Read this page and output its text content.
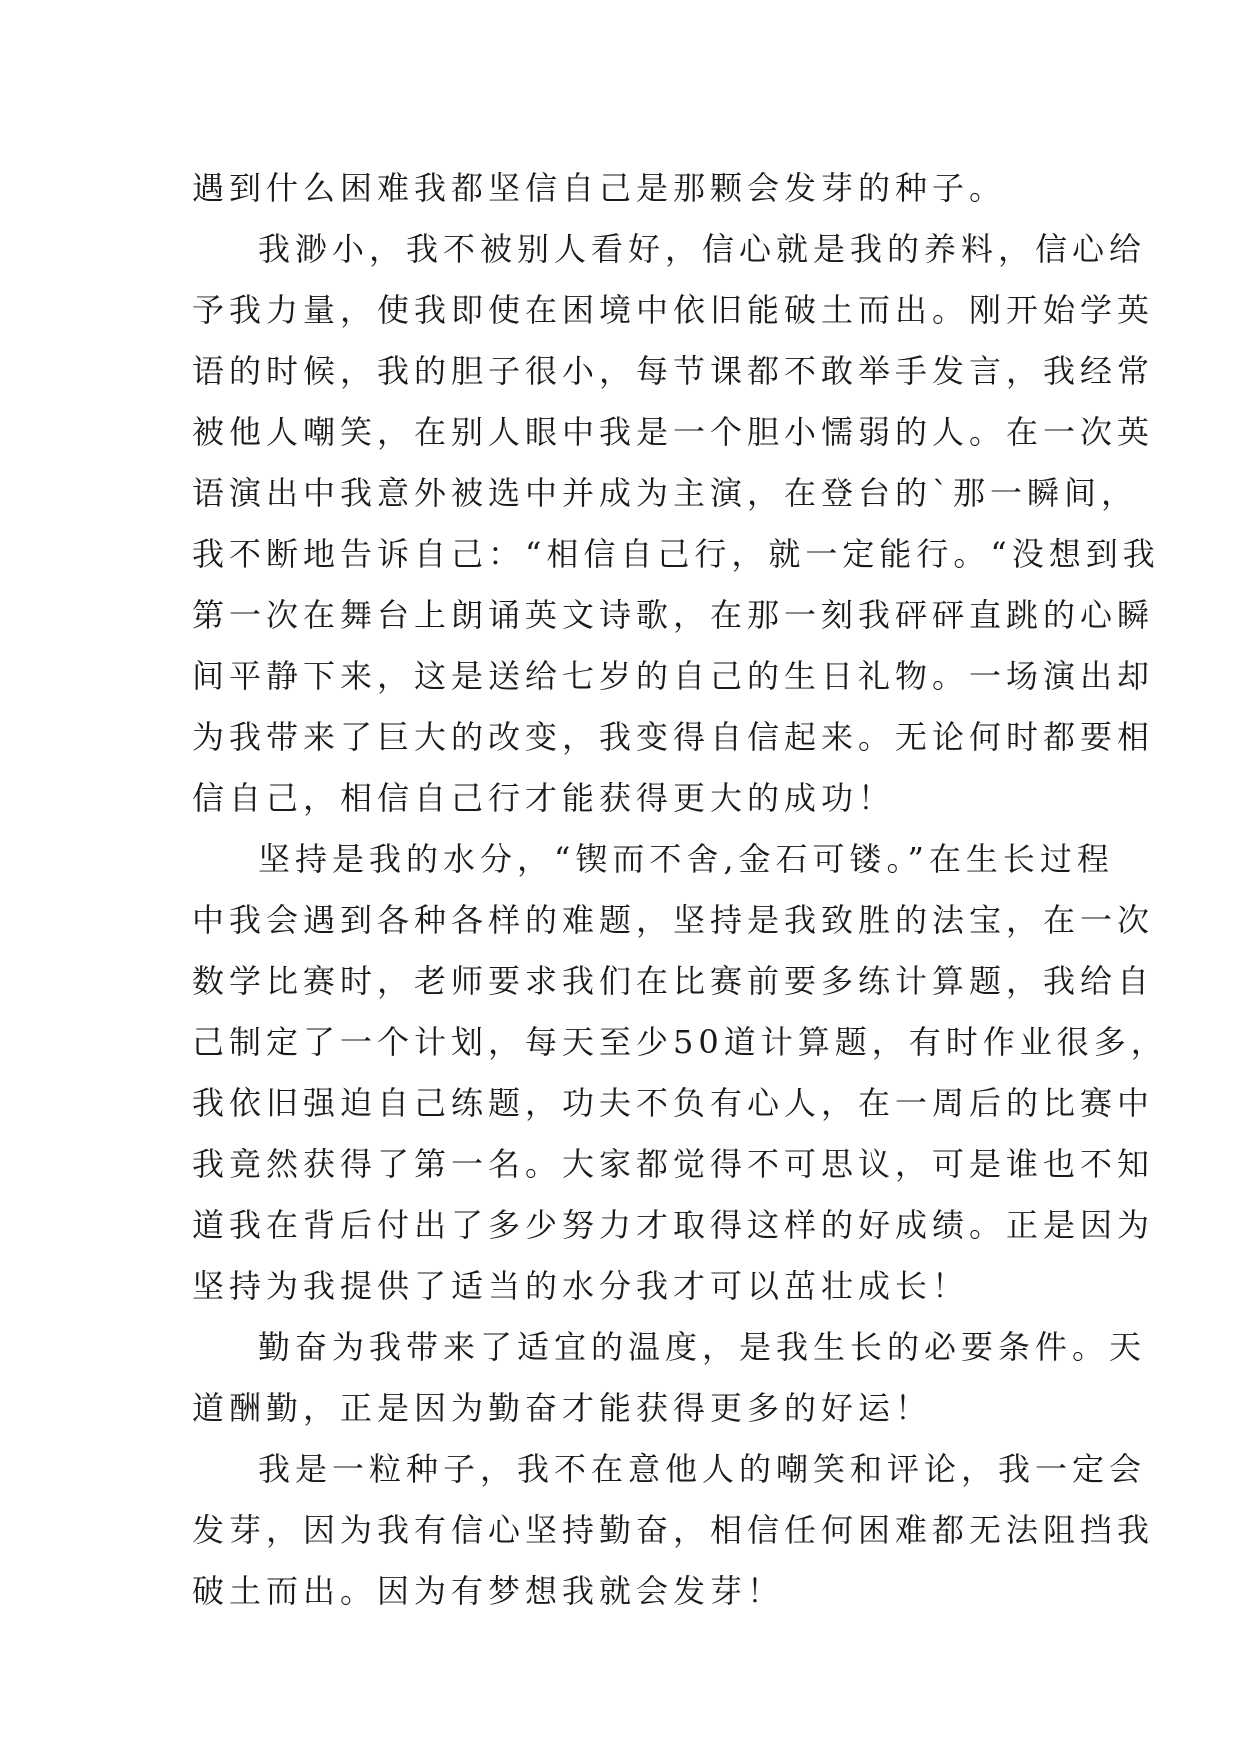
遇到什么困难我都坚信自己是那颗会发芽的种子。
我渺小，我不被别人看好，信心就是我的养料，信心给
予我力量，使我即使在困境中依旧能破土而出。刚开始学英
语的时候，我的胆子很小，每节课都不敢举手发言，我经常
被他人嘲笑，在别人眼中我是一个胆小懦弱的人。在一次英
语演出中我意外被选中并成为主演，在登台的`那一瞬间，
我不断地告诉自己：“相信自己行，就一定能行。“没想到我
第一次在舞台上朗诵英文诗歌，在那一刻我砰砰直跳的心瞬
间平静下来，这是送给七岁的自己的生日礼物。一场演出却
为我带来了巨大的改变，我变得自信起来。无论何时都要相
信自己，相信自己行才能获得更大的成功！
坚持是我的水分，“锲而不舍,金石可镂。”在生长过程
中我会遇到各种各样的难题，坚持是我致胜的法宝，在一次
数学比赛时，老师要求我们在比赛前要多练计算题，我给自
己制定了一个计划，每天至少50道计算题，有时作业很多，
我依旧强迫自己练题，功夫不负有心人，在一周后的比赛中
我竟然获得了第一名。大家都觉得不可思议，可是谁也不知
道我在背后付出了多少努力才取得这样的好成绩。正是因为
坚持为我提供了适当的水分我才可以茁壮成长！
勤奋为我带来了适宜的温度，是我生长的必要条件。天
道酬勤，正是因为勤奋才能获得更多的好运！
我是一粒种子，我不在意他人的嘲笑和评论，我一定会
发芽，因为我有信心坚持勤奋，相信任何困难都无法阻挡我
破土而出。因为有梦想我就会发芽！
